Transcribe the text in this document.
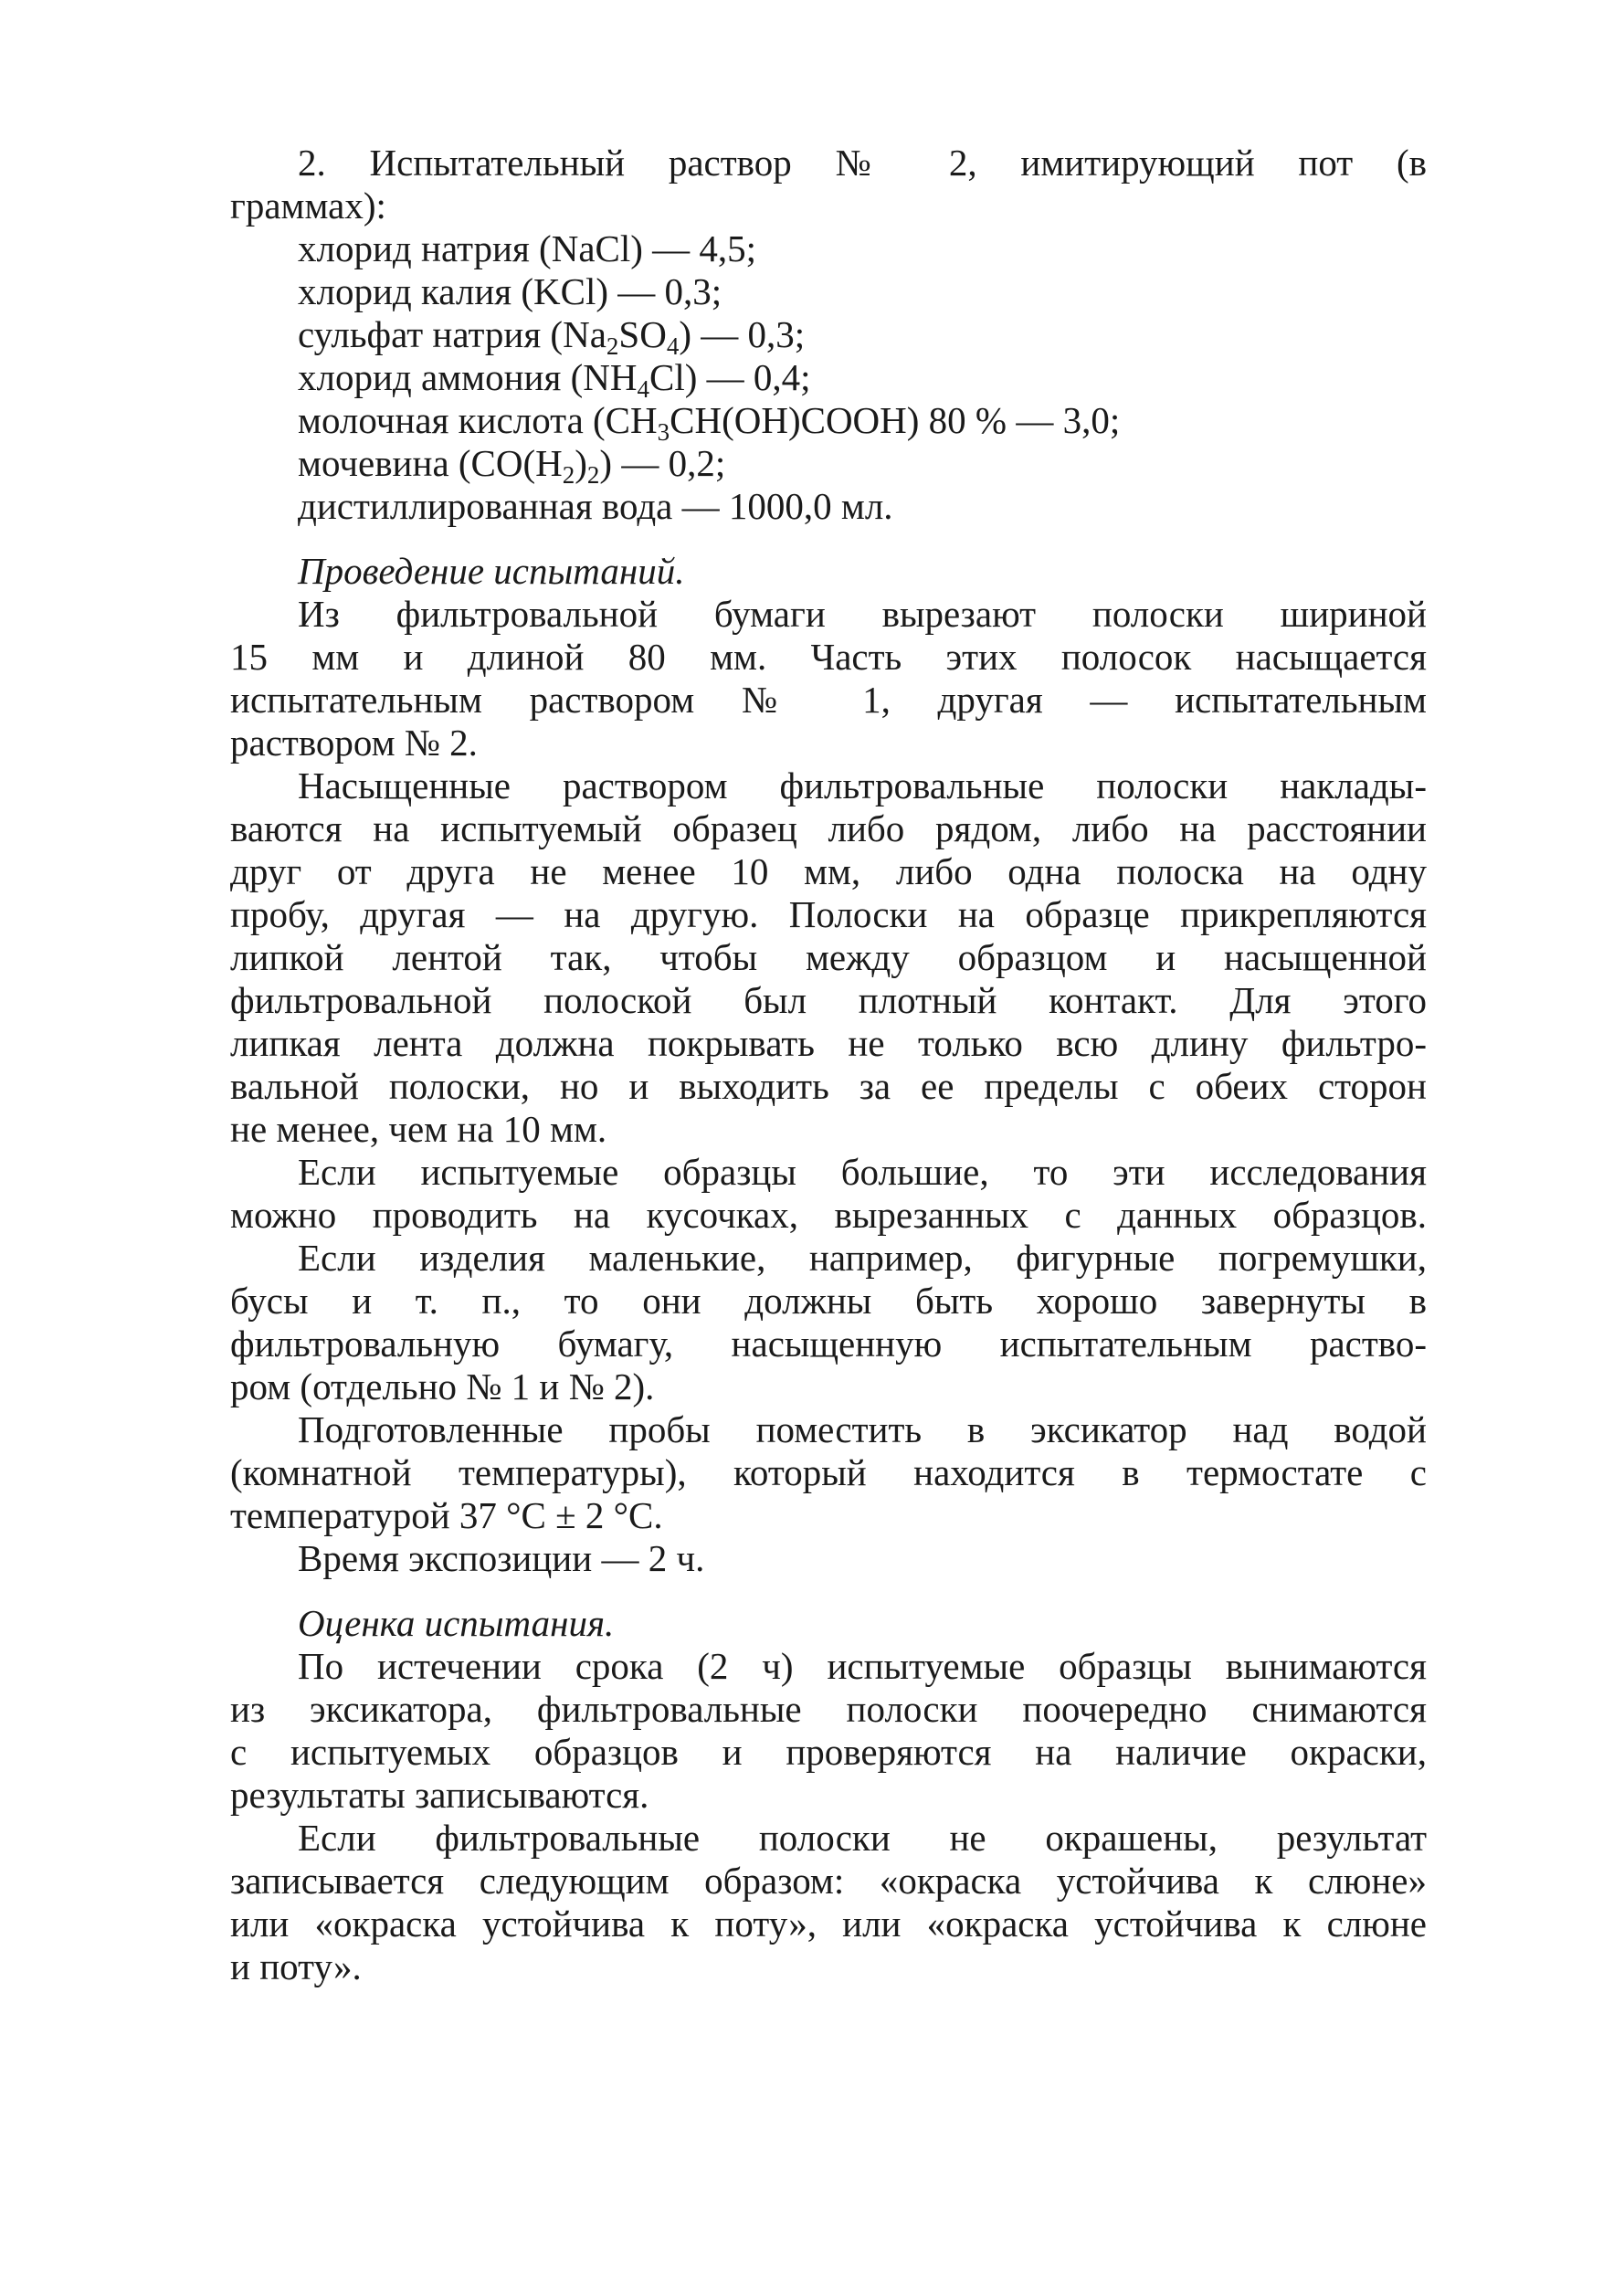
2. Испытательный раствор № 2, имитирующий пот (в
граммах):
хлорид натрия (NaCl) — 4,5;
хлорид калия (KCl) — 0,3;
сульфат натрия $(Na_2SO_4)$ — 0,3;
хлорид аммония $(NH_4Cl)$ — 0,4;
молочная кислота $(CH_3CH(OH)COOH)$ 80 % — 3,0;
мочевина $(CO(H_2)_2)$ — 0,2;
дистиллированная вода — 1000,0 мл.
Проведение испытаний.
Из фильтровальной бумаги вырезают полоски шириной
15 мм и длиной 80 мм. Часть этих полосок насыщается
испытательным раствором № 1, другая — испытательным
раствором № 2.
Насыщенные раствором фильтровальные полоски наклады-
ваются на испытуемый образец либо рядом, либо на расстоянии
друг от друга не менее 10 мм, либо одна полоска на одну
пробу, другая — на другую. Полоски на образце прикрепляются
липкой лентой так, чтобы между образцом и насыщенной
фильтровальной полоской был плотный контакт. Для этого
липкая лента должна покрывать не только всю длину фильтро-
вальной полоски, но и выходить за ее пределы с обеих сторон
не менее, чем на 10 мм.
Если испытуемые образцы большие, то эти исследования
можно проводить на кусочках, вырезанных с данных образцов.
Если изделия маленькие, например, фигурные погремушки,
бусы и т. п., то они должны быть хорошо завернуты в
фильтровальную бумагу, насыщенную испытательным раство-
ром (отдельно № 1 и № 2).
Подготовленные пробы поместить в эксикатор над водой
(комнатной температуры), который находится в термостате с
температурой 37 °С ± 2 °С.
Время экспозиции — 2 ч.
Оценка испытания.
По истечении срока (2 ч) испытуемые образцы вынимаются
из эксикатора, фильтровальные полоски поочередно снимаются
с испытуемых образцов и проверяются на наличие окраски,
результаты записываются.
Если фильтровальные полоски не окрашены, результат
записывается следующим образом: «окраска устойчива к слюне»
или «окраска устойчива к поту», или «окраска устойчива к слюне
и поту».
